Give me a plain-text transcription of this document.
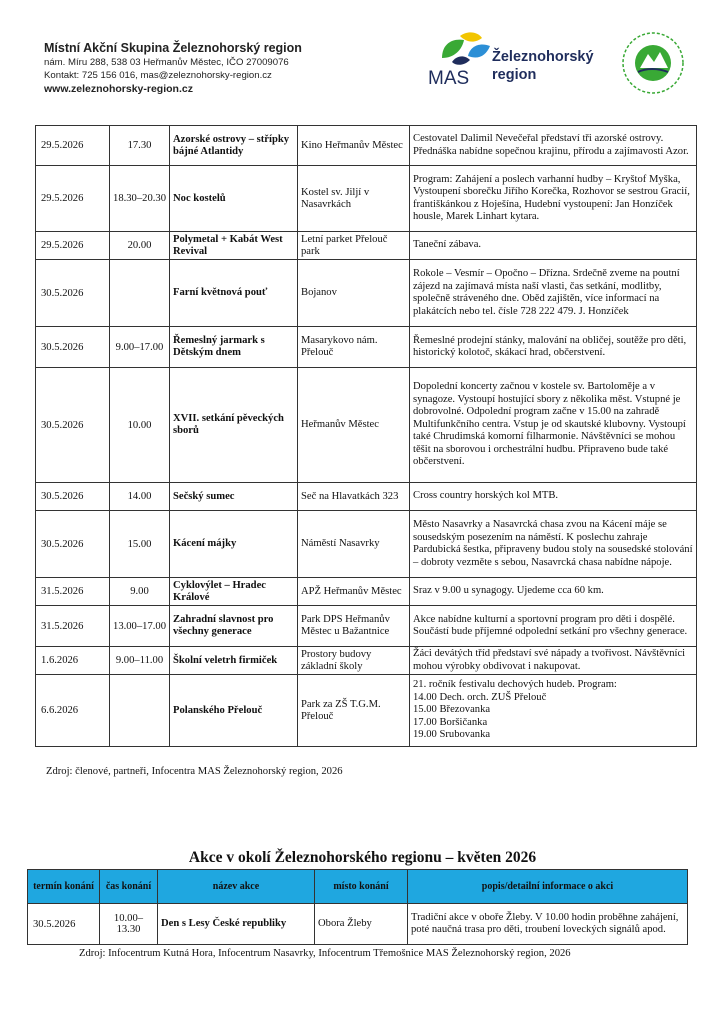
Místní Akční Skupina Železnohorský region
nám. Míru 288, 538 03 Heřmanův Městec, IČO 27009076
Kontakt: 725 156 016, mas@zeleznohorsky-region.cz
www.zeleznohorsky-region.cz	MAS
Železnohorský
region
29.5.2026	17.30	Azorské ostrovy – střípky bájné Atlantidy	Kino Heřmanův Městec	Cestovatel Dalimil Nevečeřal představí tři azorské ostrovy. Přednáška nabídne sopečnou krajinu, přírodu a zajímavosti Azor.
29.5.2026	18.30–20.30	Noc kostelů	Kostel sv. Jiljí v Nasavrkách	Program: Zahájení a poslech varhanní hudby – Kryštof Myška, Vystoupení sborečku Jiřího Korečka, Rozhovor se sestrou Gracií, františkánkou z Hoješína, Hudební vystoupení: Jan Honzíček housle, Marek Linhart kytara.
29.5.2026	20.00	Polymetal + Kabát West Revival	Letní parket Přelouč park	Taneční zábava.
30.5.2026		Farní květnová pouť	Bojanov	Rokole – Vesmír – Opočno – Dřízna. Srdečně zveme na poutní zájezd na zajímavá místa naší vlasti, čas setkání, modlitby, společně stráveného dne. Oběd zajištěn, více informací na plakátcích nebo tel. čísle 728 222 479. J. Honzíček
30.5.2026	9.00–17.00	Řemeslný jarmark s Dětským dnem	Masarykovo nám. Přelouč	Řemeslné prodejní stánky, malování na obličej, soutěže pro děti, historický kolotoč, skákací hrad, občerstvení.
30.5.2026	10.00	XVII. setkání pěveckých sborů	Heřmanův Městec	Dopolední koncerty začnou v kostele sv. Bartoloměje a v synagoze. Vystoupí hostující sbory z několika měst. Vstupné je dobrovolné. Odpolední program začne v 15.00 na zahradě Multifunkčního centra. Vstup je od skautské klubovny. Vystoupí také Chrudimská komorní filharmonie. Návštěvníci se mohou těšit na sborovou i orchestrální hudbu. Připraveno bude také občerstvení.
30.5.2026	14.00	Sečský sumec	Seč na Hlavatkách 323	Cross country horských kol MTB.
30.5.2026	15.00	Kácení májky	Náměstí Nasavrky	Město Nasavrky a Nasavrcká chasa zvou na Kácení máje se sousedským posezením na náměstí. K poslechu zahraje Pardubická šestka, připraveny budou stoly na sousedské stolování – dobroty vezměte s sebou, Nasavrcká chasa nabídne nápoje.
31.5.2026	9.00	Cyklovýlet – Hradec Králové	APŽ Heřmanův Městec	Sraz v 9.00 u synagogy. Ujedeme cca 60 km.
31.5.2026	13.00–17.00	Zahradní slavnost pro všechny generace	Park DPS Heřmanův Městec u Bažantnice	Akce nabídne kulturní a sportovní program pro děti i dospělé. Součástí bude příjemné odpolední setkání pro všechny generace.
1.6.2026	9.00–11.00	Školní veletrh firmiček	Prostory budovy základní školy	Žáci devátých tříd představí své nápady a tvořivost. Návštěvníci mohou výrobky obdivovat i nakupovat.
6.6.2026		Polanského Přelouč	Park za ZŠ T.G.M. Přelouč	21. ročník festivalu dechových hudeb. Program:
14.00 Dech. orch. ZUŠ Přelouč
15.00 Březovanka
17.00 Boršičanka
19.00 Srubovanka
Zdroj: členové, partneři, Infocentra MAS Železnohorský region, 2026
Akce v okolí Železnohorského regionu – květen 2026
termín konání	čas konání	název akce	místo konání	popis/detailní informace o akci
30.5.2026	10.00–13.30	Den s Lesy České republiky	Obora Žleby	Tradiční akce v oboře Žleby. V 10.00 hodin proběhne zahájení, poté naučná trasa pro děti, troubení loveckých signálů apod.
Zdroj: Infocentrum Kutná Hora, Infocentrum Nasavrky, Infocentrum Třemošnice MAS Železnohorský region, 2026
